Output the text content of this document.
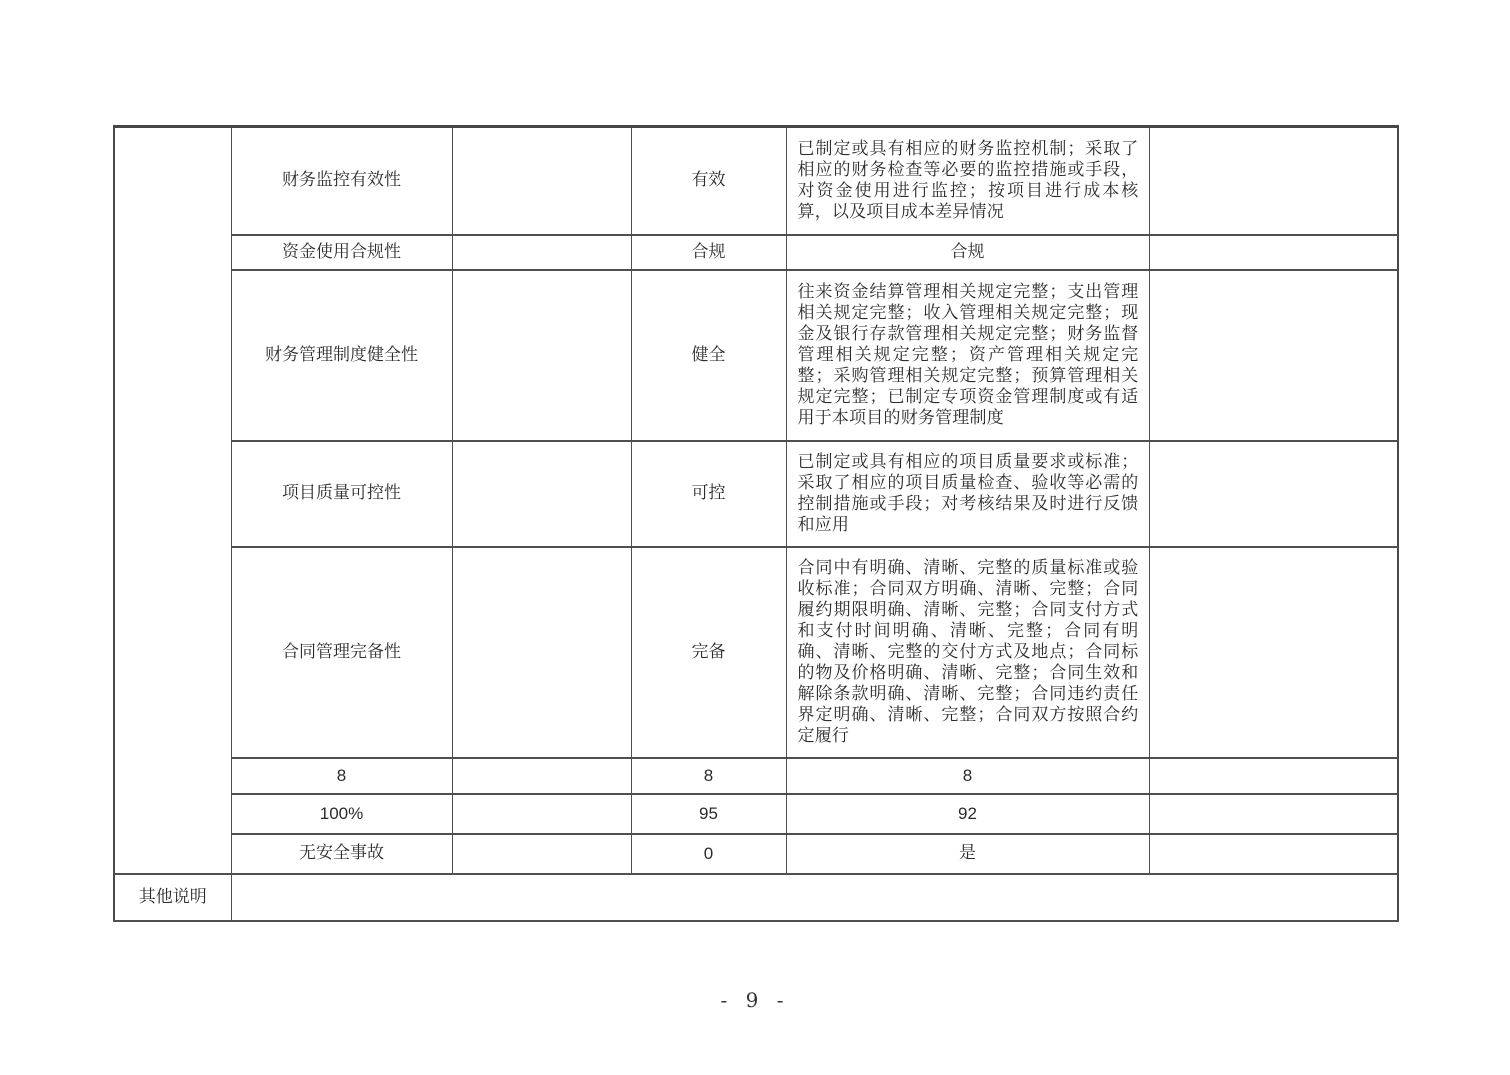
	财务监控有效性		有效	已制定或具有相应的财务监控机制；采取了相应的财务检查等必要的监控措施或手段，对资金使用进行监控；按项目进行成本核算，以及项目成本差异情况	
	资金使用合规性		合规	合规	
	财务管理制度健全性		健全	往来资金结算管理相关规定完整；支出管理相关规定完整；收入管理相关规定完整；现金及银行存款管理相关规定完整；财务监督管理相关规定完整；资产管理相关规定完整；采购管理相关规定完整；预算管理相关规定完整；已制定专项资金管理制度或有适用于本项目的财务管理制度	
	项目质量可控性		可控	已制定或具有相应的项目质量要求或标准；采取了相应的项目质量检查、验收等必需的控制措施或手段；对考核结果及时进行反馈和应用	
	合同管理完备性		完备	合同中有明确、清晰、完整的质量标准或验收标准；合同双方明确、清晰、完整；合同履约期限明确、清晰、完整；合同支付方式和支付时间明确、清晰、完整；合同有明确、清晰、完整的交付方式及地点；合同标的物及价格明确、清晰、完整；合同生效和解除条款明确、清晰、完整；合同违约责任界定明确、清晰、完整；合同双方按照合约定履行	
	8		8	8	
	100%		95	92	
	无安全事故		0	是	
其他说明					
- 9 -
